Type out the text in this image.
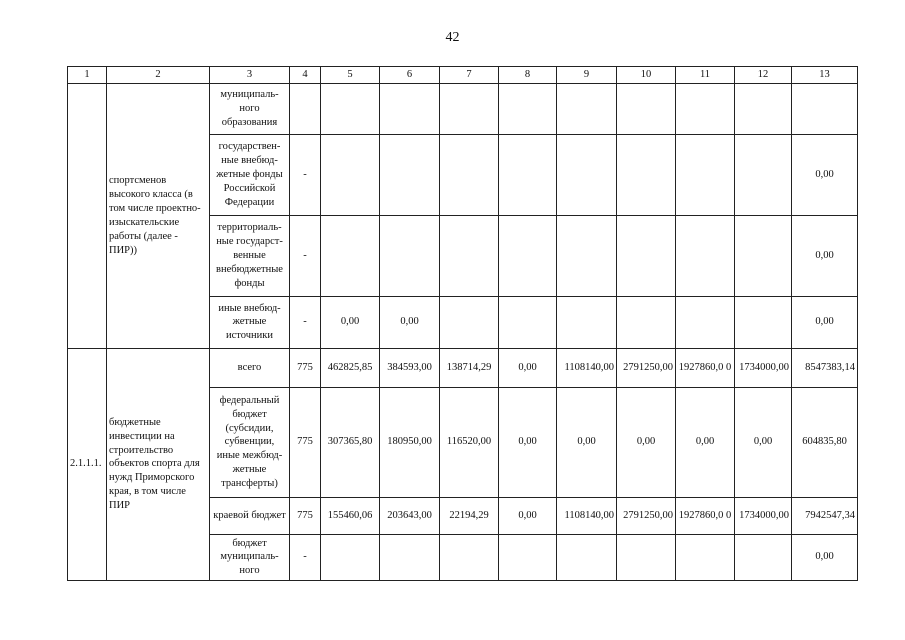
42
1	2	3	4	5	6	7	8	9	10	11	12	13
	спортсменов высокого класса (в том числе проектно- изыскательские работы (далее - ПИР))	муниципаль- ного образования										
		государствен- ные внебюд- жетные фонды Российской Федерации	-									0,00
		территориаль- ные государст- венные внебюджетные фонды	-									0,00
		иные внебюд- жетные источники	-	0,00	0,00							0,00
2.1.1.1.	бюджетные инвестиции на строительство объектов спорта для нужд Приморского края, в том числе ПИР	всего	775	462825,85	384593,00	138714,29	0,00	1108140,00	2791250,00	1927860,0 0	1734000,00	8547383,14
		федеральный бюджет (субсидии, субвенции, иные межбюд- жетные трансферты)	775	307365,80	180950,00	116520,00	0,00	0,00	0,00	0,00	0,00	604835,80
		краевой бюджет	775	155460,06	203643,00	22194,29	0,00	1108140,00	2791250,00	1927860,0 0	1734000,00	7942547,34
		бюджет муниципаль- ного	-									0,00
